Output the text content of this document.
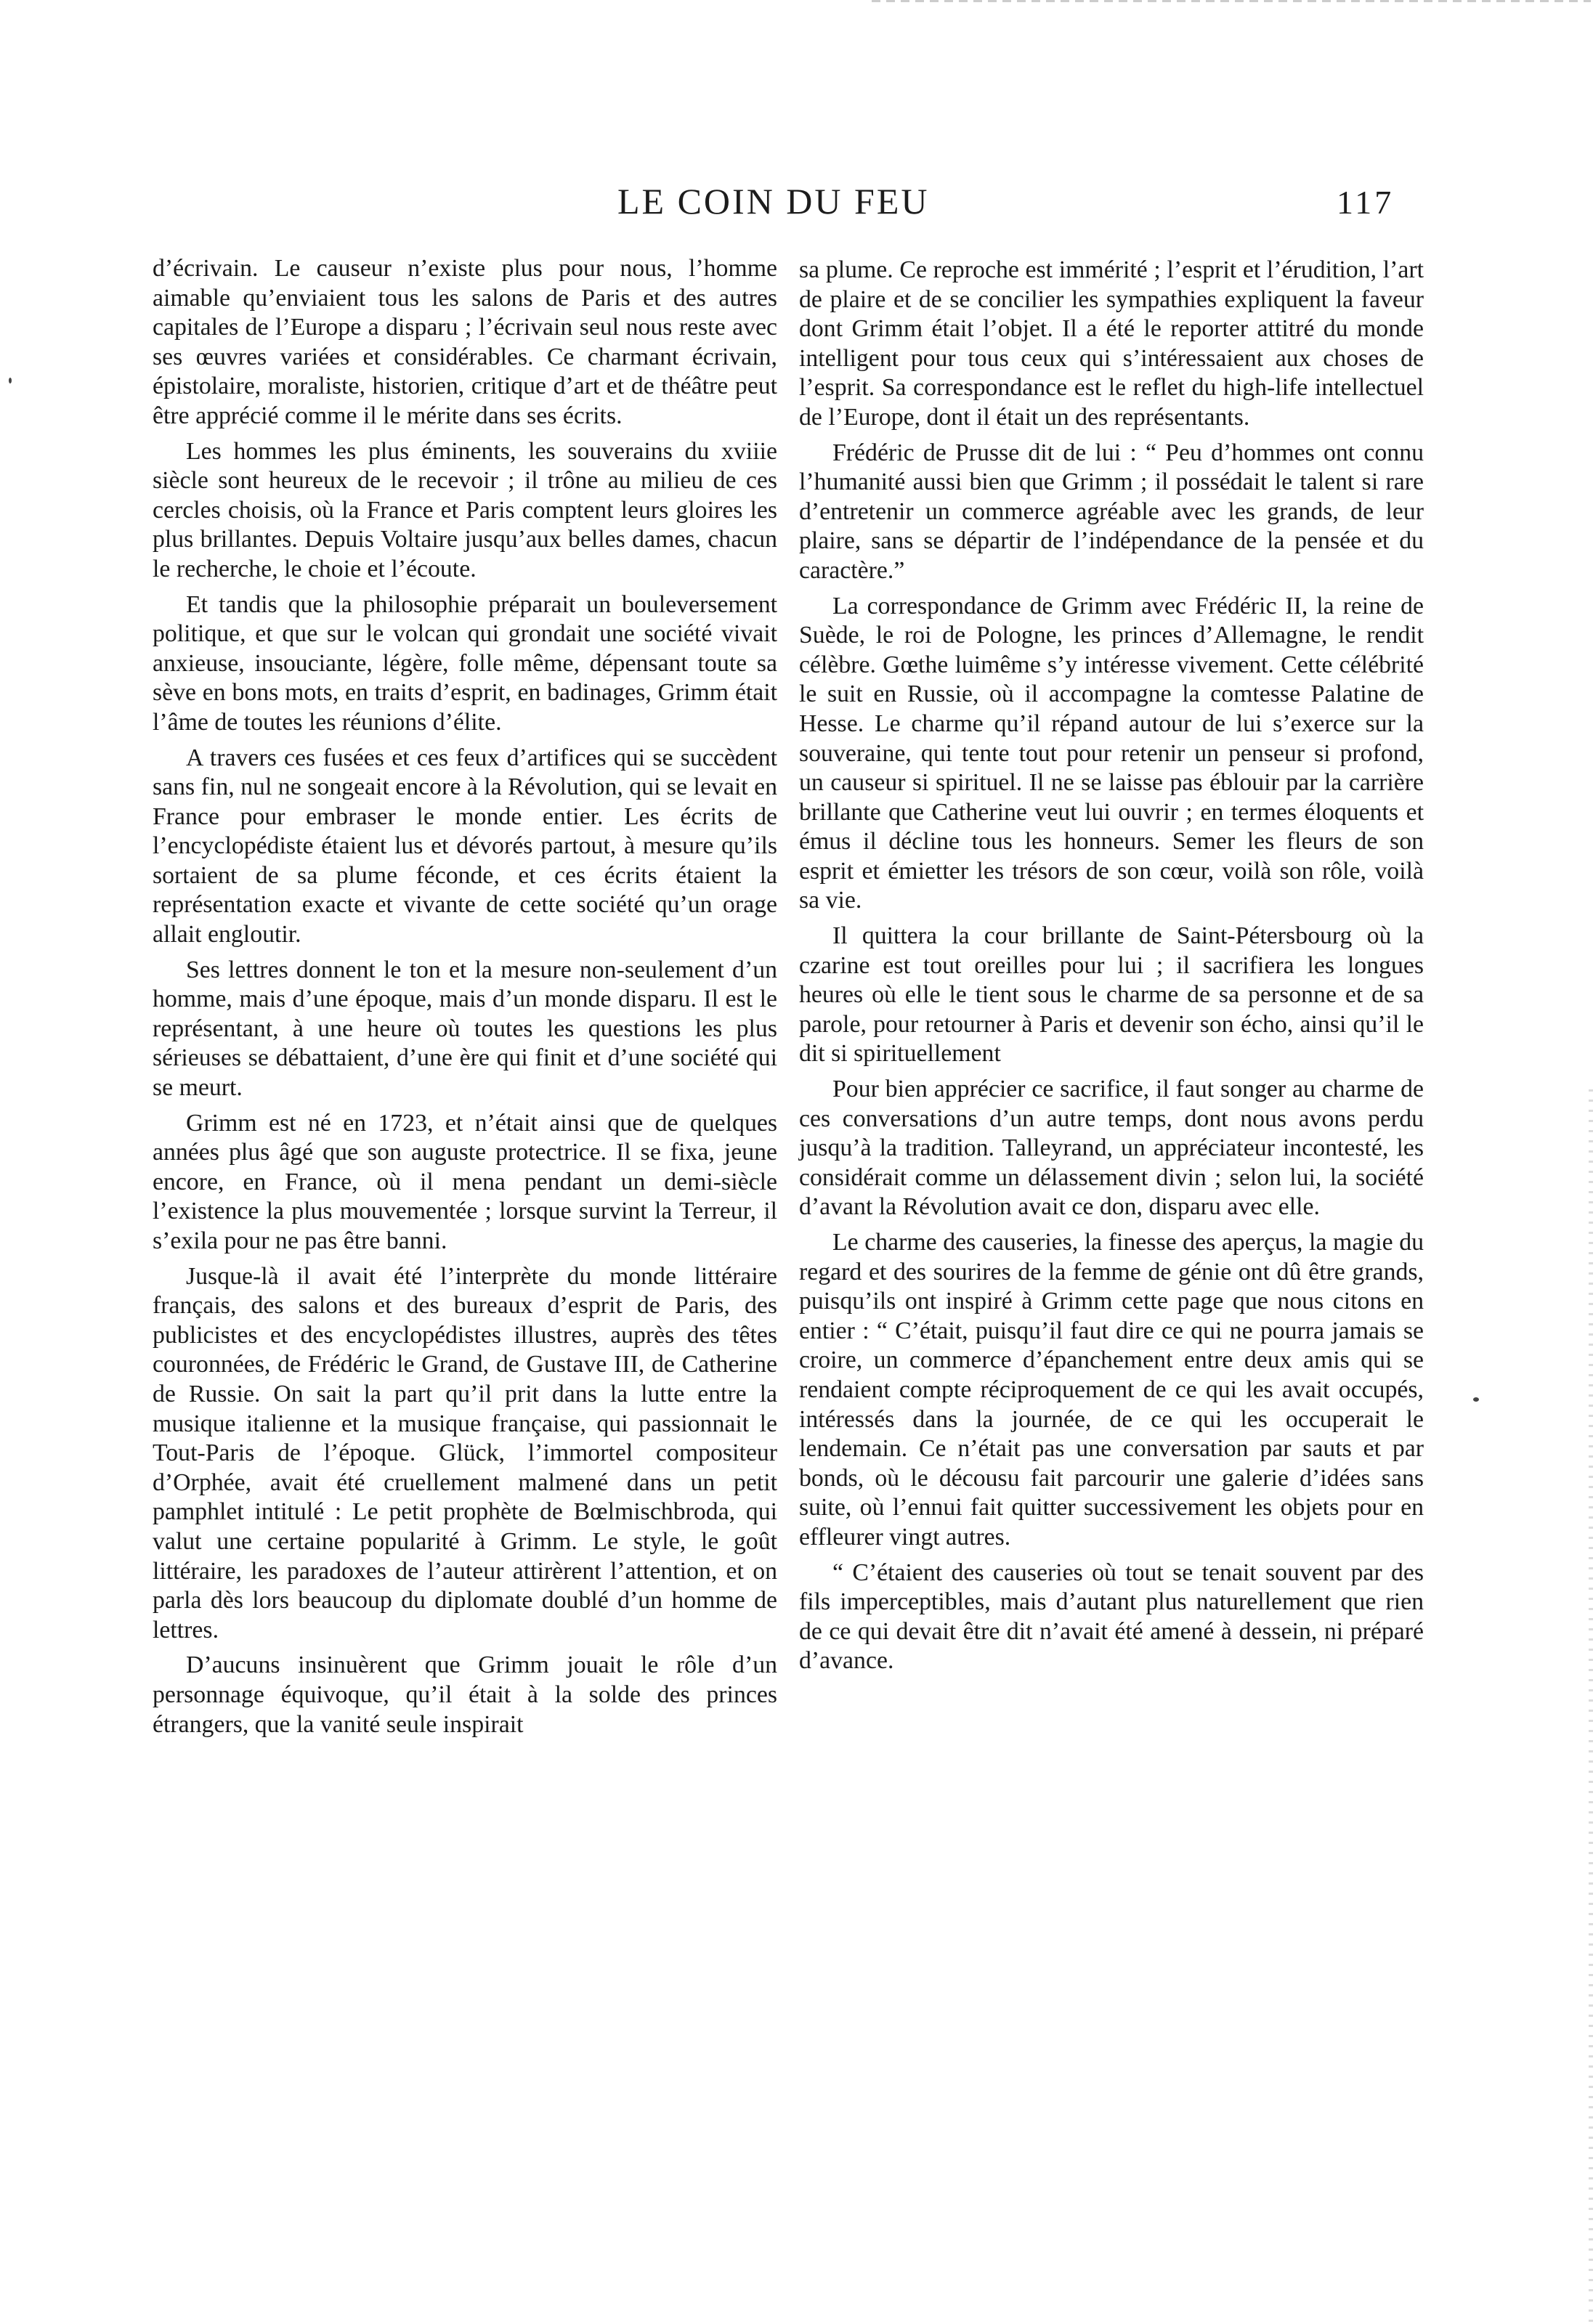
LE COIN DU FEU	117

d’écrivain. Le causeur n’existe plus pour nous, l’homme aimable qu’enviaient tous les salons de Paris et des autres capitales de l’Europe a disparu ; l’écrivain seul nous reste avec ses œuvres variées et considérables. Ce charmant écrivain, épistolaire, moraliste, historien, critique d’art et de théâtre peut être apprécié comme il le mérite dans ses écrits.

Les hommes les plus éminents, les souverains du xviiie siècle sont heureux de le recevoir ; il trône au milieu de ces cercles choisis, où la France et Paris comptent leurs gloires les plus brillantes. Depuis Voltaire jusqu’aux belles dames, chacun le recherche, le choie et l’écoute.

Et tandis que la philosophie préparait un bouleversement politique, et que sur le volcan qui grondait une société vivait anxieuse, insouciante, légère, folle même, dépensant toute sa sève en bons mots, en traits d’esprit, en badinages, Grimm était l’âme de toutes les réunions d’élite.

A travers ces fusées et ces feux d’artifices qui se succèdent sans fin, nul ne songeait encore à la Révolution, qui se levait en France pour embraser le monde entier. Les écrits de l’encyclopédiste étaient lus et dévorés partout, à mesure qu’ils sortaient de sa plume féconde, et ces écrits étaient la représentation exacte et vivante de cette société qu’un orage allait engloutir.

Ses lettres donnent le ton et la mesure non-seulement d’un homme, mais d’une époque, mais d’un monde disparu. Il est le représentant, à une heure où toutes les questions les plus sérieuses se débattaient, d’une ère qui finit et d’une société qui se meurt.

Grimm est né en 1723, et n’était ainsi que de quelques années plus âgé que son auguste protectrice. Il se fixa, jeune encore, en France, où il mena pendant un demi-siècle l’existence la plus mouvementée ; lorsque survint la Terreur, il s’exila pour ne pas être banni.

Jusque-là il avait été l’interprète du monde littéraire français, des salons et des bureaux d’esprit de Paris, des publicistes et des encyclopédistes illustres, auprès des têtes couronnées, de Frédéric le Grand, de Gustave III, de Catherine de Russie. On sait la part qu’il prit dans la lutte entre la musique italienne et la musique française, qui passionnait le Tout-Paris de l’époque. Glück, l’immortel compositeur d’Orphée, avait été cruellement malmené dans un petit pamphlet intitulé : Le petit prophète de Bœlmischbroda, qui valut une certaine popularité à Grimm. Le style, le goût littéraire, les paradoxes de l’auteur attirèrent l’attention, et on parla dès lors beaucoup du diplomate doublé d’un homme de lettres.

D’aucuns insinuèrent que Grimm jouait le rôle d’un personnage équivoque, qu’il était à la solde des princes étrangers, que la vanité seule inspirait

sa plume. Ce reproche est immérité ; l’esprit et l’érudition, l’art de plaire et de se concilier les sympathies expliquent la faveur dont Grimm était l’objet. Il a été le reporter attitré du monde intelligent pour tous ceux qui s’intéressaient aux choses de l’esprit. Sa correspondance est le reflet du high-life intellectuel de l’Europe, dont il était un des représentants.

Frédéric de Prusse dit de lui : “ Peu d’hommes ont connu l’humanité aussi bien que Grimm ; il possédait le talent si rare d’entretenir un commerce agréable avec les grands, de leur plaire, sans se départir de l’indépendance de la pensée et du caractère.”

La correspondance de Grimm avec Frédéric II, la reine de Suède, le roi de Pologne, les princes d’Allemagne, le rendit célèbre. Gœthe luimême s’y intéresse vivement. Cette célébrité le suit en Russie, où il accompagne la comtesse Palatine de Hesse. Le charme qu’il répand autour de lui s’exerce sur la souveraine, qui tente tout pour retenir un penseur si profond, un causeur si spirituel. Il ne se laisse pas éblouir par la carrière brillante que Catherine veut lui ouvrir ; en termes éloquents et émus il décline tous les honneurs. Semer les fleurs de son esprit et émietter les trésors de son cœur, voilà son rôle, voilà sa vie.

Il quittera la cour brillante de Saint-Pétersbourg où la czarine est tout oreilles pour lui ; il sacrifiera les longues heures où elle le tient sous le charme de sa personne et de sa parole, pour retourner à Paris et devenir son écho, ainsi qu’il le dit si spirituellement

Pour bien apprécier ce sacrifice, il faut songer au charme de ces conversations d’un autre temps, dont nous avons perdu jusqu’à la tradition. Talleyrand, un appréciateur incontesté, les considérait comme un délassement divin ; selon lui, la société d’avant la Révolution avait ce don, disparu avec elle.

Le charme des causeries, la finesse des aperçus, la magie du regard et des sourires de la femme de génie ont dû être grands, puisqu’ils ont inspiré à Grimm cette page que nous citons en entier : “ C’était, puisqu’il faut dire ce qui ne pourra jamais se croire, un commerce d’épanchement entre deux amis qui se rendaient compte réciproquement de ce qui les avait occupés, intéressés dans la journée, de ce qui les occuperait le lendemain. Ce n’était pas une conversation par sauts et par bonds, où le décousu fait parcourir une galerie d’idées sans suite, où l’ennui fait quitter successivement les objets pour en effleurer vingt autres.

“ C’étaient des causeries où tout se tenait souvent par des fils imperceptibles, mais d’autant plus naturellement que rien de ce qui devait être dit n’avait été amené à dessein, ni préparé d’avance.
